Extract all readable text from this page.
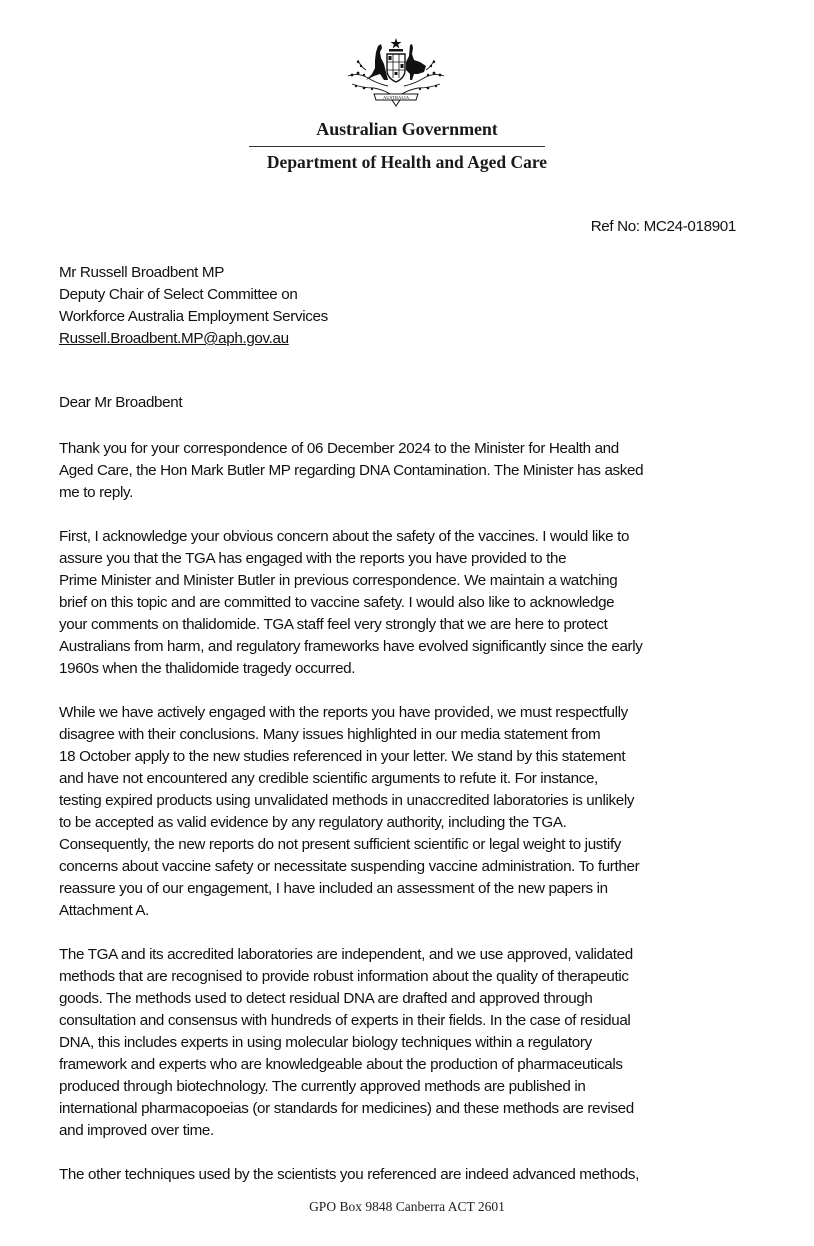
AUSTRALIA
Australian Government
Department of Health and Aged Care
Ref No: MC24-018901
Mr Russell Broadbent MP
Deputy Chair of Select Committee on
Workforce Australia Employment Services
Russell.Broadbent.MP@aph.gov.au
Dear Mr Broadbent
Thank you for your correspondence of 06 December 2024 to the Minister for Health and
Aged Care, the Hon Mark Butler MP regarding DNA Contamination. The Minister has asked
me to reply.
First, I acknowledge your obvious concern about the safety of the vaccines. I would like to
assure you that the TGA has engaged with the reports you have provided to the
Prime Minister and Minister Butler in previous correspondence. We maintain a watching
brief on this topic and are committed to vaccine safety. I would also like to acknowledge
your comments on thalidomide. TGA staff feel very strongly that we are here to protect
Australians from harm, and regulatory frameworks have evolved significantly since the early
1960s when the thalidomide tragedy occurred.
While we have actively engaged with the reports you have provided, we must respectfully
disagree with their conclusions. Many issues highlighted in our media statement from
18 October apply to the new studies referenced in your letter. We stand by this statement
and have not encountered any credible scientific arguments to refute it. For instance,
testing expired products using unvalidated methods in unaccredited laboratories is unlikely
to be accepted as valid evidence by any regulatory authority, including the TGA.
Consequently, the new reports do not present sufficient scientific or legal weight to justify
concerns about vaccine safety or necessitate suspending vaccine administration. To further
reassure you of our engagement, I have included an assessment of the new papers in
Attachment A.
The TGA and its accredited laboratories are independent, and we use approved, validated
methods that are recognised to provide robust information about the quality of therapeutic
goods. The methods used to detect residual DNA are drafted and approved through
consultation and consensus with hundreds of experts in their fields. In the case of residual
DNA, this includes experts in using molecular biology techniques within a regulatory
framework and experts who are knowledgeable about the production of pharmaceuticals
produced through biotechnology. The currently approved methods are published in
international pharmacopoeias (or standards for medicines) and these methods are revised
and improved over time.
The other techniques used by the scientists you referenced are indeed advanced methods,
GPO Box 9848 Canberra ACT 2601
